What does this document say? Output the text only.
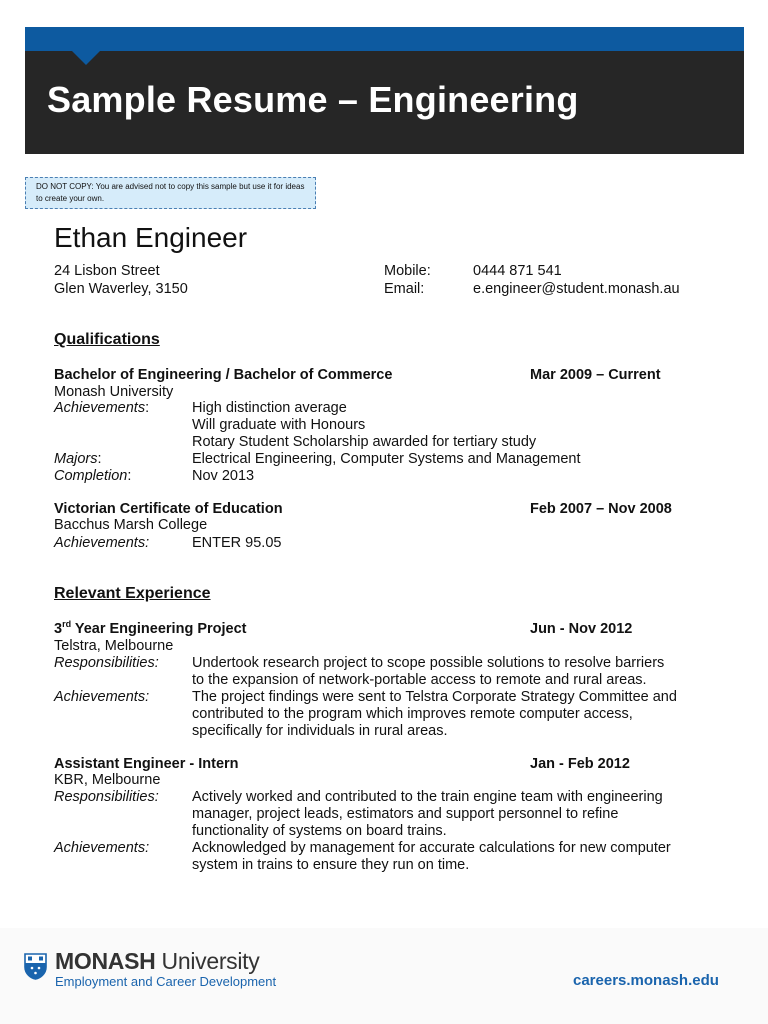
Sample Resume – Engineering
DO NOT COPY: You are advised not to copy this sample but use it for ideas to create your own.
Ethan Engineer
24 Lisbon Street
Glen Waverley, 3150
Mobile:	0444 871 541
Email:	e.engineer@student.monash.au
Qualifications
Bachelor of Engineering / Bachelor of Commerce	Mar 2009 – Current
Monash University
Achievements:	High distinction average
Will graduate with Honours
Rotary Student Scholarship awarded for tertiary study
Majors:	Electrical Engineering, Computer Systems and Management
Completion:	Nov 2013
Victorian Certificate of Education	Feb 2007 – Nov 2008
Bacchus Marsh College
Achievements:	ENTER 95.05
Relevant Experience
3rd Year Engineering Project	Jun - Nov 2012
Telstra, Melbourne
Responsibilities: Undertook research project to scope possible solutions to resolve barriers
to the expansion of network-portable access to remote and rural areas.
Achievements:	The project findings were sent to Telstra Corporate Strategy Committee and
contributed to the program which improves remote computer access,
specifically for individuals in rural areas.
Assistant Engineer - Intern	Jan - Feb 2012
KBR, Melbourne
Responsibilities: Actively worked and contributed to the train engine team with engineering
manager, project leads, estimators and support personnel to refine
functionality of systems on board trains.
Achievements:	Acknowledged by management for accurate calculations for new computer
system in trains to ensure they run on time.
MONASH University
Employment and Career Development	careers.monash.edu
